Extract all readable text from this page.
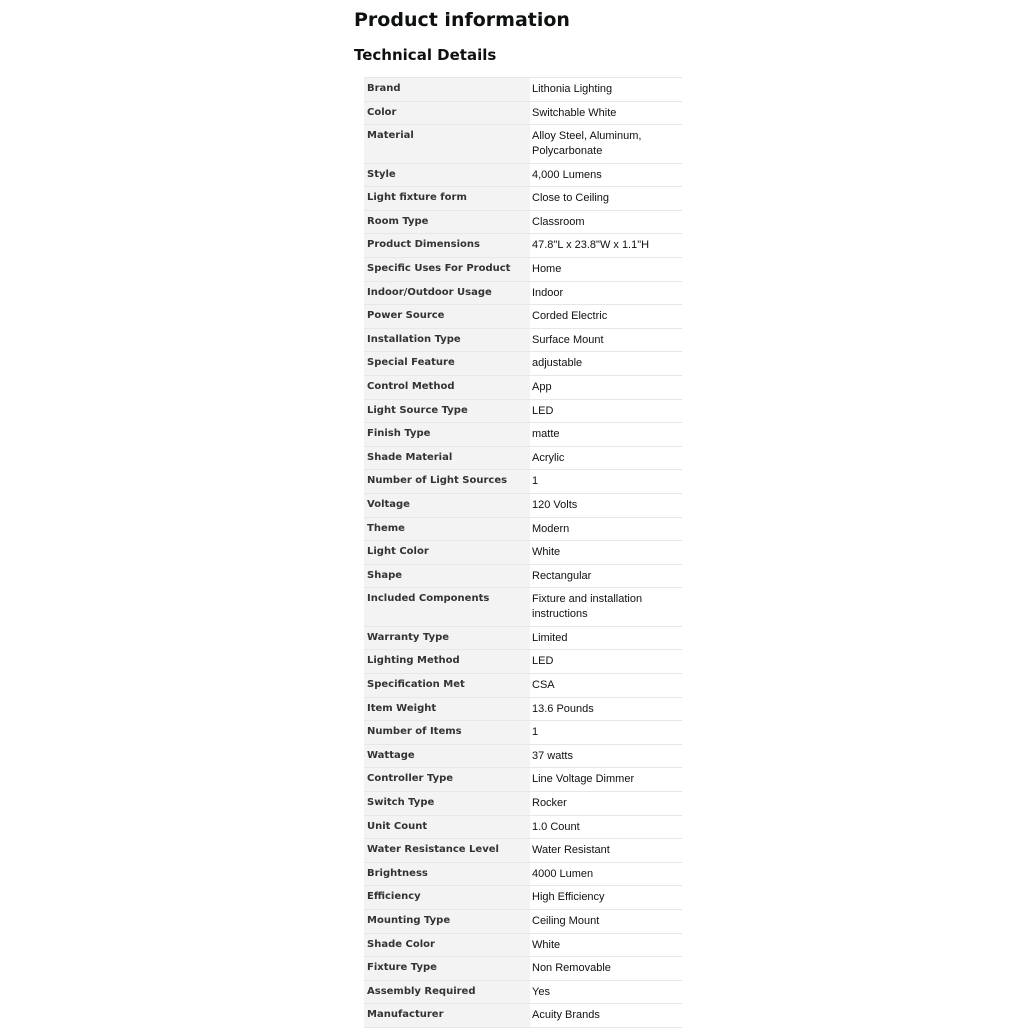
Product information
Technical Details
Brand	Lithonia Lighting
Color	Switchable White
Material	Alloy Steel, Aluminum, Polycarbonate
Style	4,000 Lumens
Light fixture form	Close to Ceiling
Room Type	Classroom
Product Dimensions	47.8"L x 23.8"W x 1.1"H
Specific Uses For Product	Home
Indoor/Outdoor Usage	Indoor
Power Source	Corded Electric
Installation Type	Surface Mount
Special Feature	adjustable
Control Method	App
Light Source Type	LED
Finish Type	matte
Shade Material	Acrylic
Number of Light Sources	1
Voltage	120 Volts
Theme	Modern
Light Color	White
Shape	Rectangular
Included Components	Fixture and installation instructions
Warranty Type	Limited
Lighting Method	LED
Specification Met	CSA
Item Weight	13.6 Pounds
Number of Items	1
Wattage	37 watts
Controller Type	Line Voltage Dimmer
Switch Type	Rocker
Unit Count	1.0 Count
Water Resistance Level	Water Resistant
Brightness	4000 Lumen
Efficiency	High Efficiency
Mounting Type	Ceiling Mount
Shade Color	White
Fixture Type	Non Removable
Assembly Required	Yes
Manufacturer	Acuity Brands
